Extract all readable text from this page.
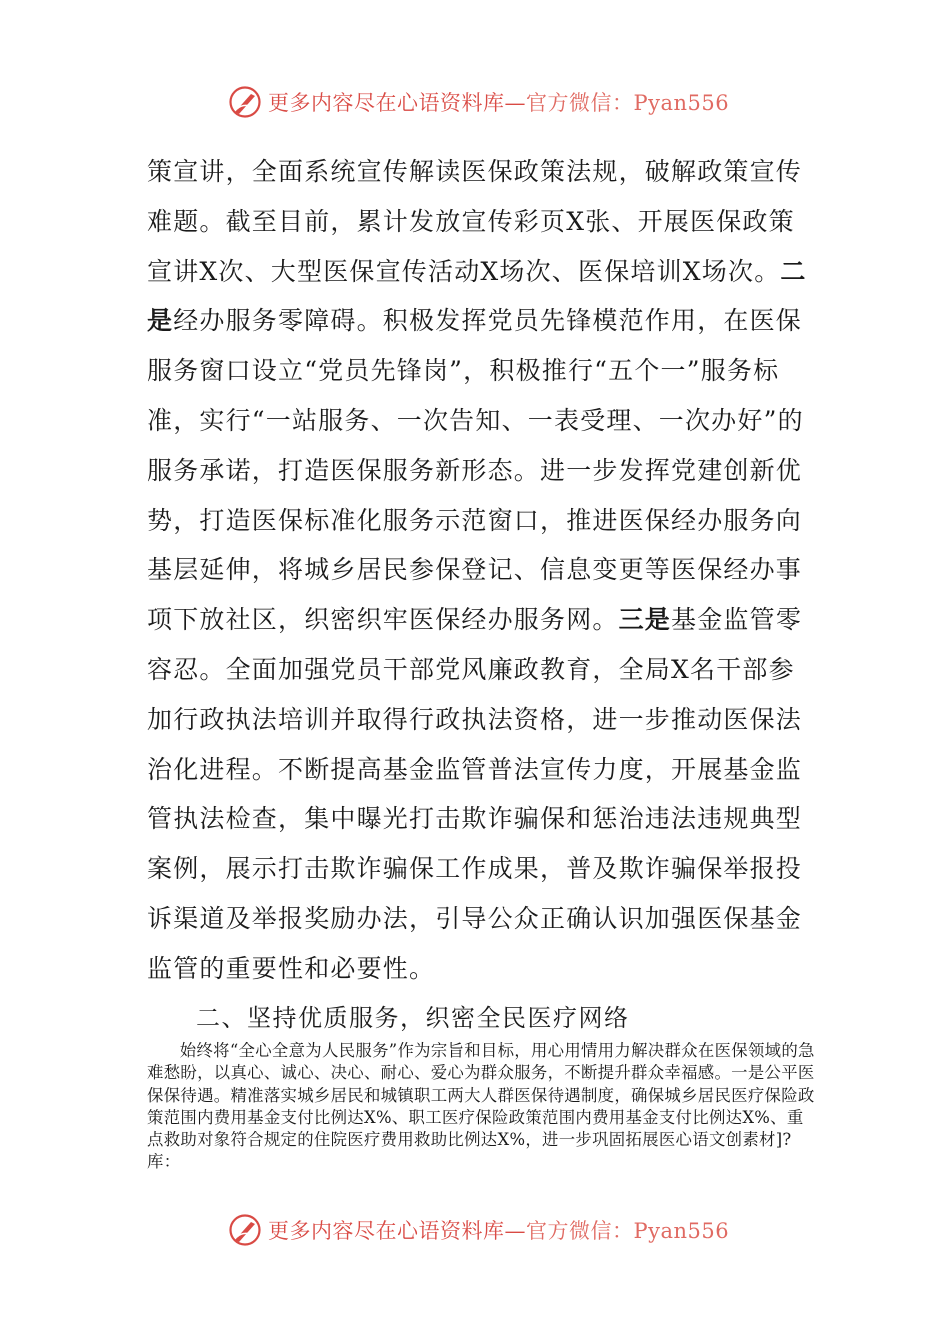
更多内容尽在心语资料库—官方微信：Pyan556

策宣讲，全面系统宣传解读医保政策法规，破解政策宣传难题。截至目前，累计发放宣传彩页X张、开展医保政策宣讲X次、大型医保宣传活动X场次、医保培训X场次。二是经办服务零障碍。积极发挥党员先锋模范作用，在医保服务窗口设立“党员先锋岗”，积极推行“五个一”服务标准，实行“一站服务、一次告知、一表受理、一次办好”的服务承诺，打造医保服务新形态。进一步发挥党建创新优势，打造医保标准化服务示范窗口，推进医保经办服务向基层延伸，将城乡居民参保登记、信息变更等医保经办事项下放社区，织密织牢医保经办服务网。三是基金监管零容忍。全面加强党员干部党风廉政教育，全局X名干部参加行政执法培训并取得行政执法资格，进一步推动医保法治化进程。不断提高基金监管普法宣传力度，开展基金监管执法检查，集中曝光打击欺诈骗保和惩治违法违规典型案例，展示打击欺诈骗保工作成果，普及欺诈骗保举报投诉渠道及举报奖励办法，引导公众正确认识加强医保基金监管的重要性和必要性。

二、坚持优质服务，织密全民医疗网络

始终将“全心全意为人民服务”作为宗旨和目标，用心用情用力解决群众在医保领域的急难愁盼，以真心、诚心、决心、耐心、爱心为群众服务，不断提升群众幸福感。一是公平医保保待遇。精准落实城乡居民和城镇职工两大人群医保待遇制度，确保城乡居民医疗保险政策范围内费用基金支付比例达X%、职工医疗保险政策范围内费用基金支付比例达X%、重点救助对象符合规定的住院医疗费用救助比例达X%，进一步巩固拓展医心语文创素材]?库：

更多内容尽在心语资料库—官方微信：Pyan556
